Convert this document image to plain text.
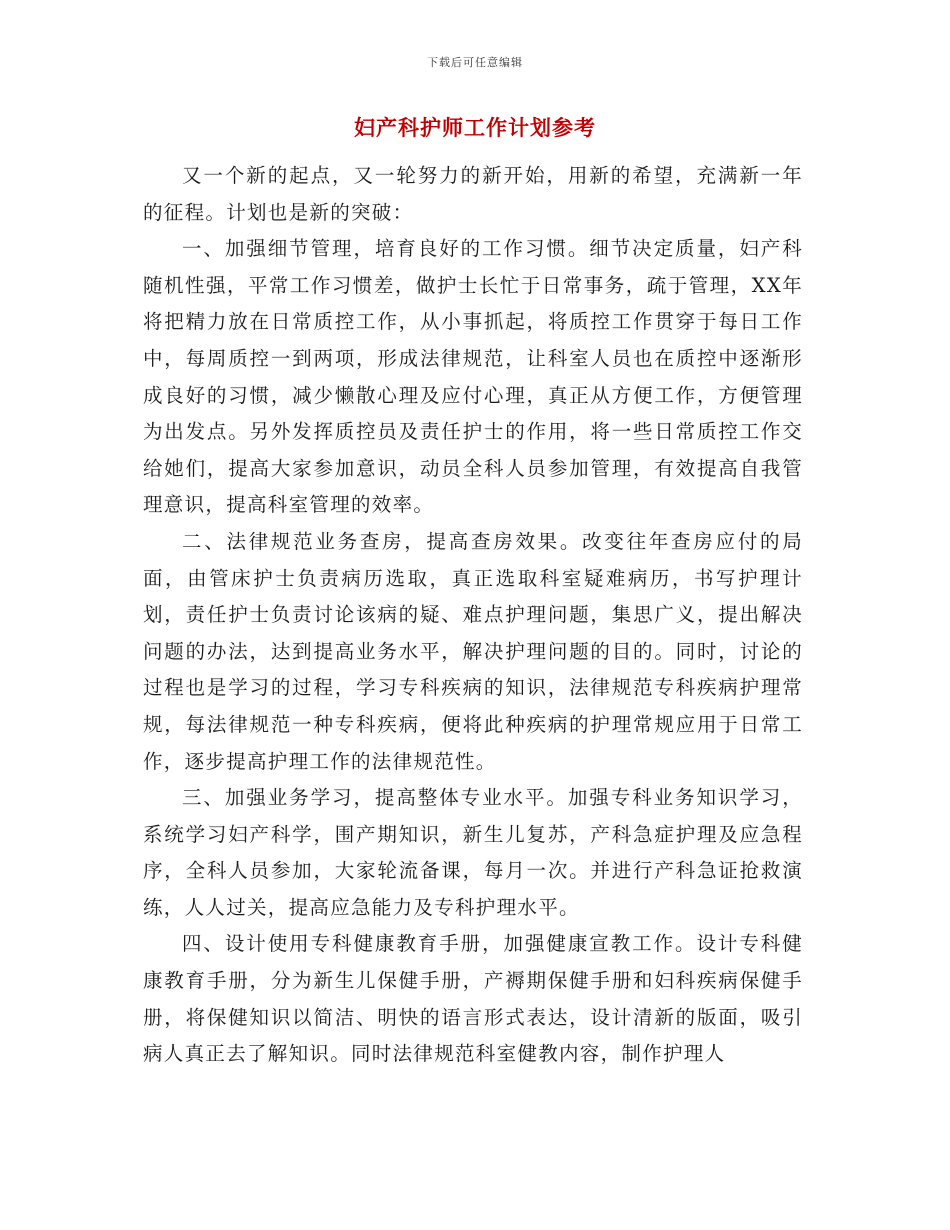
下载后可任意编辑
妇产科护师工作计划参考

又一个新的起点，又一轮努力的新开始，用新的希望，充满新一年的征程。计划也是新的突破：

一、加强细节管理，培育良好的工作习惯。细节决定质量，妇产科随机性强，平常工作习惯差，做护士长忙于日常事务，疏于管理，XX年将把精力放在日常质控工作，从小事抓起，将质控工作贯穿于每日工作中，每周质控一到两项，形成法律规范，让科室人员也在质控中逐渐形成良好的习惯，减少懒散心理及应付心理，真正从方便工作，方便管理为出发点。另外发挥质控员及责任护士的作用，将一些日常质控工作交给她们，提高大家参加意识，动员全科人员参加管理，有效提高自我管理意识，提高科室管理的效率。

二、法律规范业务查房，提高查房效果。改变往年查房应付的局面，由管床护士负责病历选取，真正选取科室疑难病历，书写护理计划，责任护士负责讨论该病的疑、难点护理问题，集思广义，提出解决问题的办法，达到提高业务水平，解决护理问题的目的。同时，讨论的过程也是学习的过程，学习专科疾病的知识，法律规范专科疾病护理常规，每法律规范一种专科疾病，便将此种疾病的护理常规应用于日常工作，逐步提高护理工作的法律规范性。

三、加强业务学习，提高整体专业水平。加强专科业务知识学习，系统学习妇产科学，围产期知识，新生儿复苏，产科急症护理及应急程序，全科人员参加，大家轮流备课，每月一次。并进行产科急证抢救演练，人人过关，提高应急能力及专科护理水平。

四、设计使用专科健康教育手册，加强健康宣教工作。设计专科健康教育手册，分为新生儿保健手册，产褥期保健手册和妇科疾病保健手册，将保健知识以简洁、明快的语言形式表达，设计清新的版面，吸引病人真正去了解知识。同时法律规范科室健教内容，制作护理人
